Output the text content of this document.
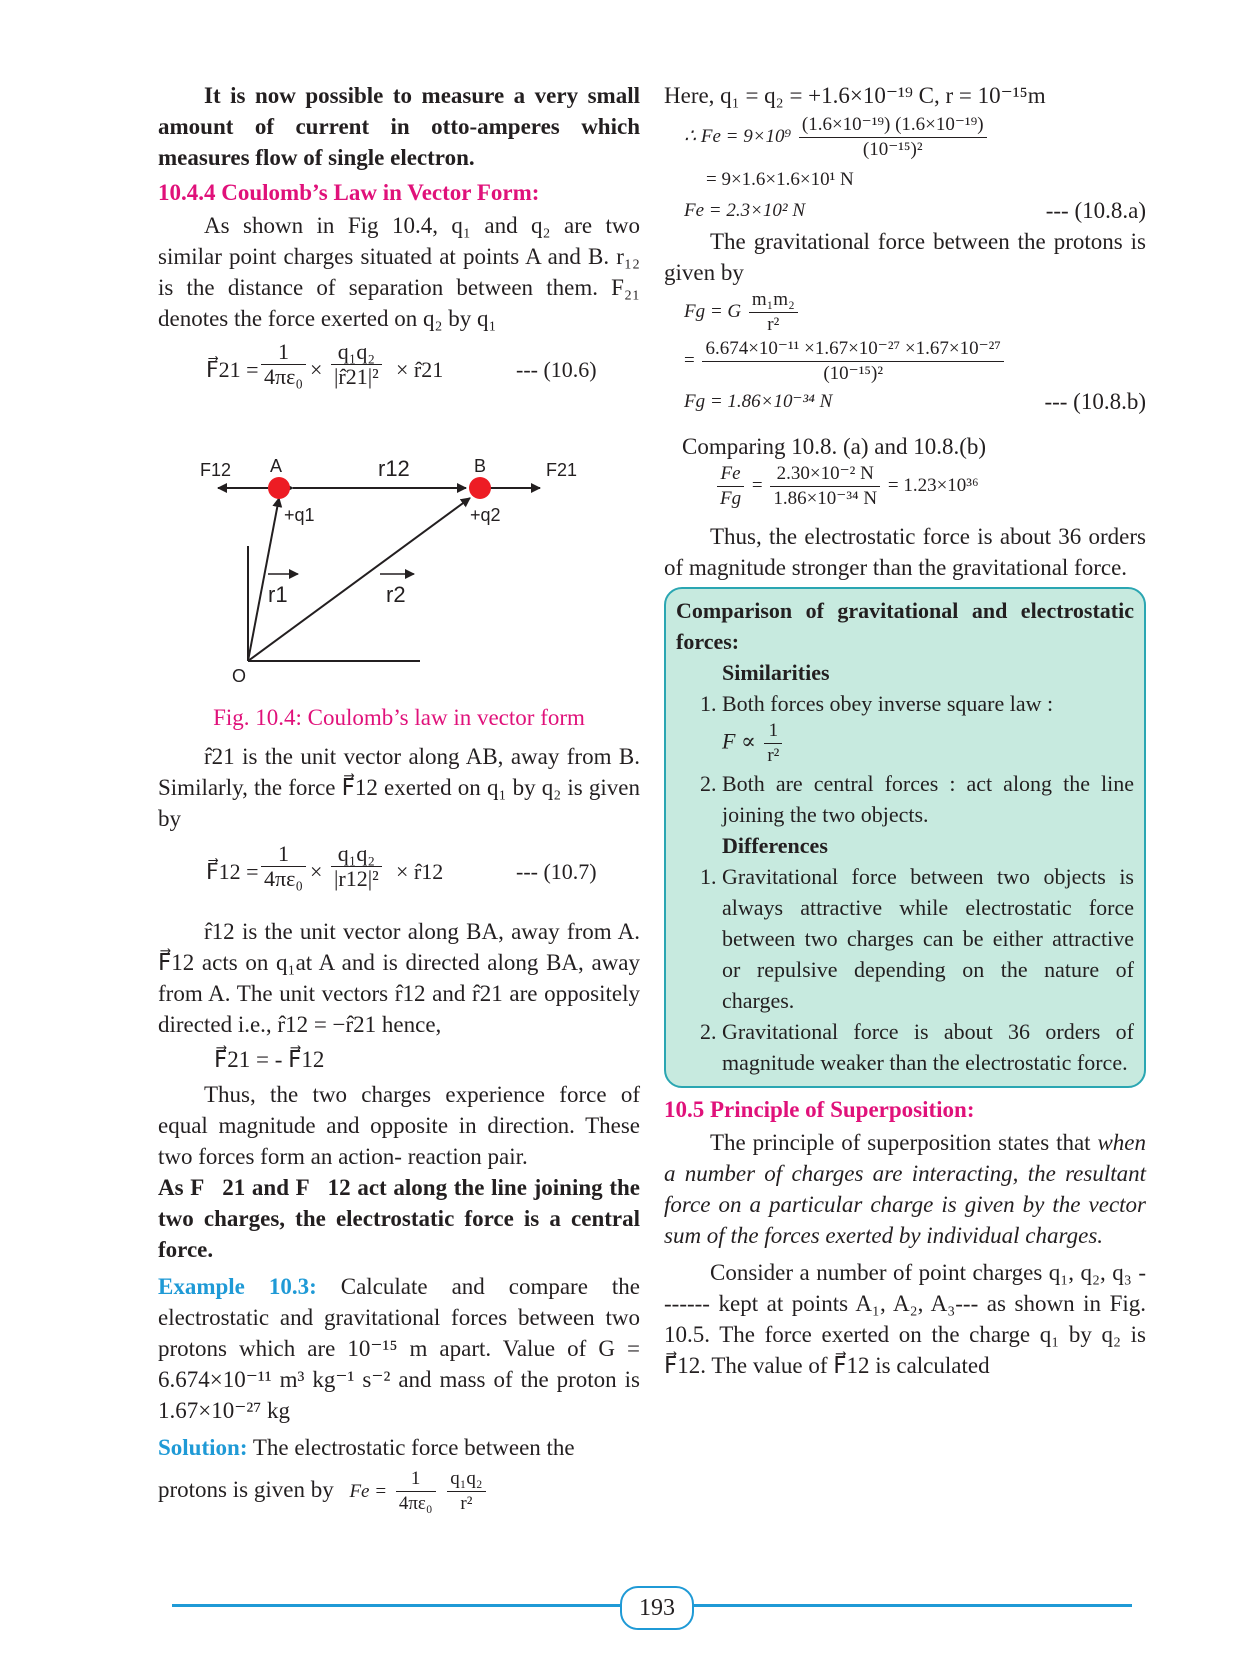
It is now possible to measure a very small amount of current in otto-amperes which measures flow of single electron.

10.4.4 Coulomb’s Law in Vector Form:

As shown in Fig 10.4, q₁ and q₂ are two similar point charges situated at points A and B. r₁₂ is the distance of separation between them. F₂₁ denotes the force exerted on q₂ by q₁

F⃗21 = $\frac{1}{\text{4πε₀}} \times \frac{\text{q₁q₂}}{\text{|r̂21|²}}$ × r̂21	--- (10.6)
F12 A	r12	B	F21
+q1	+q2
r1	r2
O

Fig. 10.4: Coulomb’s law in vector form

r̂21 is the unit vector along AB, away from B. Similarly, the force F⃗12 exerted on q₁ by q₂ is given by

F⃗12 = $\frac{1}{\text{4πε₀}} \times \frac{\text{q₁q₂}}{\text{|r12|²}}$ × r̂12	--- (10.7)

r̂12 is the unit vector along BA, away from A. F⃗12 acts on q₁at A and is directed along BA, away from A. The unit vectors r̂12 and r̂21 are oppositely directed i.e., r̂12 = −r̂21 hence,

F⃗21 = - F⃗12

Thus, the two charges experience force of equal magnitude and opposite in direction. These two forces form an action- reaction pair.

As F⃗21 and F⃗12 act along the line joining the two charges, the electrostatic force is a central force.

Example 10.3: Calculate and compare the electrostatic and gravitational forces between two protons which are 10⁻¹⁵ m apart. Value of G = 6.674×10⁻¹¹ m³ kg⁻¹ s⁻² and mass of the proton is 1.67×10⁻²⁷ kg

Solution: The electrostatic force between the

protons is given by $Fe = \frac{1}{\text{4πε₀}}$
$\frac{\text{q₁q₂}}{\text{r²}}$

Here, q₁ = q₂ = +1.6×10⁻¹⁹ C, r = 10⁻¹⁵m

∴ $Fe = 9\times 10^9 \frac{\text{(1.6×10⁻¹⁹) (1.6×10⁻¹⁹)}}{\text{(10⁻¹⁵)²}}$

= 9×1.6×1.6×10¹ N

Fe = 2.3×10² N	--- (10.8.a)

The gravitational force between the protons is given by

Fg = G $\frac{\text{m₁m₂}}{\text{r²}}$

= $\frac{\text{6.674×10⁻¹¹ ×1.67×10⁻²⁷ ×1.67×10⁻²⁷}}{\text{(10⁻¹⁵)²}}$

Fg = 1.86×10⁻³⁴ N	--- (10.8.b)

Comparing 10.8. (a) and 10.8.(b)

$\frac{Fe}{Fg} = \frac{\text{2.30×10⁻² N}}{\text{1.86×10⁻³⁴ N}} = 1.23\times 10^{36}$

Thus, the electrostatic force is about 36 orders of magnitude stronger than the gravitational force.

Comparison of gravitational and electrostatic forces:

Similarities

1. Both forces obey inverse square law :
$F \propto \frac{1}{\text{r²}}$
2. Both are central forces : act along the line joining the two objects.

Differences

1. Gravitational force between two objects is always attractive while electrostatic force between two charges can be either attractive or repulsive depending on the nature of charges.
2. Gravitational force is about 36 orders of magnitude weaker than the electrostatic force.

10.5 Principle of Superposition:

The principle of superposition states that when a number of charges are interacting, the resultant force on a particular charge is given by the vector sum of the forces exerted by individual charges.

Consider a number of point charges q₁, q₂, q₃ ------- kept at points A₁, A₂, A₃--- as shown in Fig. 10.5. The force exerted on the charge q₁ by q₂ is F⃗12. The value of F⃗12 is calculated

193
